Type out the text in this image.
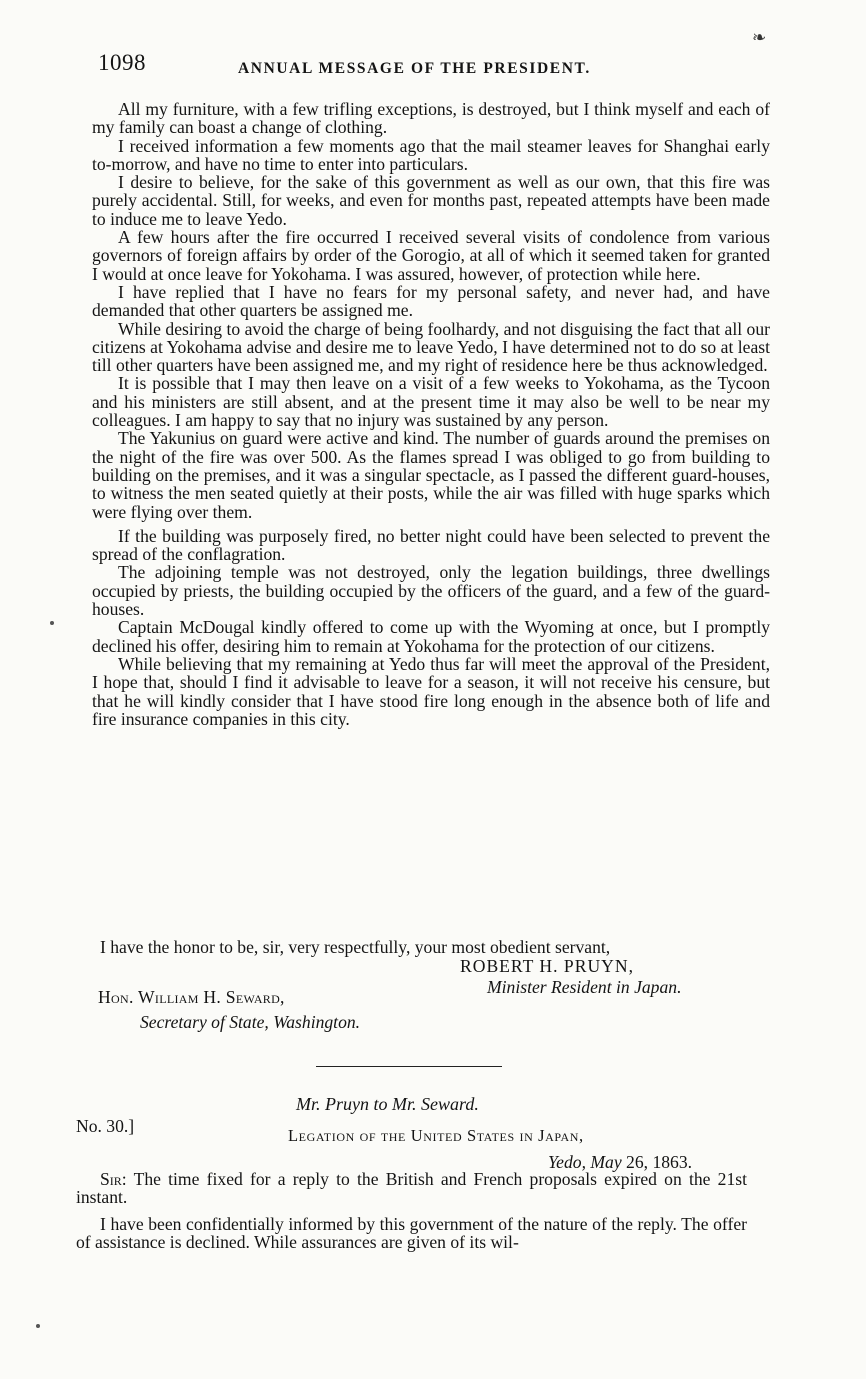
❧
1098	ANNUAL MESSAGE OF THE PRESIDENT.

All my furniture, with a few trifling exceptions, is destroyed, but I think myself and each of my family can boast a change of clothing.

I received information a few moments ago that the mail steamer leaves for Shanghai early to-morrow, and have no time to enter into particulars.

I desire to believe, for the sake of this government as well as our own, that this fire was purely accidental. Still, for weeks, and even for months past, repeated attempts have been made to induce me to leave Yedo.

A few hours after the fire occurred I received several visits of condolence from various governors of foreign affairs by order of the Gorogio, at all of which it seemed taken for granted I would at once leave for Yokohama. I was assured, however, of protection while here.

I have replied that I have no fears for my personal safety, and never had, and have demanded that other quarters be assigned me.

While desiring to avoid the charge of being foolhardy, and not disguising the fact that all our citizens at Yokohama advise and desire me to leave Yedo, I have determined not to do so at least till other quarters have been assigned me, and my right of residence here be thus acknowledged.

It is possible that I may then leave on a visit of a few weeks to Yokohama, as the Tycoon and his ministers are still absent, and at the present time it may also be well to be near my colleagues. I am happy to say that no injury was sustained by any person.

The Yakunius on guard were active and kind. The number of guards around the premises on the night of the fire was over 500. As the flames spread I was obliged to go from building to building on the premises, and it was a singular spectacle, as I passed the different guard-houses, to witness the men seated quietly at their posts, while the air was filled with huge sparks which were flying over them.

If the building was purposely fired, no better night could have been selected to prevent the spread of the conflagration.

The adjoining temple was not destroyed, only the legation buildings, three dwellings occupied by priests, the building occupied by the officers of the guard, and a few of the guard-houses.

Captain McDougal kindly offered to come up with the Wyoming at once, but I promptly declined his offer, desiring him to remain at Yokohama for the protection of our citizens.

While believing that my remaining at Yedo thus far will meet the approval of the President, I hope that, should I find it advisable to leave for a season, it will not receive his censure, but that he will kindly consider that I have stood fire long enough in the absence both of life and fire insurance companies in this city.

I have the honor to be, sir, very respectfully, your most obedient servant,
ROBERT H. PRUYN,
Minister Resident in Japan.
Hon. William H. Seward,
Secretary of State, Washington.
Mr. Pruyn to Mr. Seward.
No. 30.]	Legation of the United States in Japan,
Yedo, May 26, 1863.

Sir: The time fixed for a reply to the British and French proposals expired on the 21st instant.

I have been confidentially informed by this government of the nature of the reply. The offer of assistance is declined. While assurances are given of its wil-
